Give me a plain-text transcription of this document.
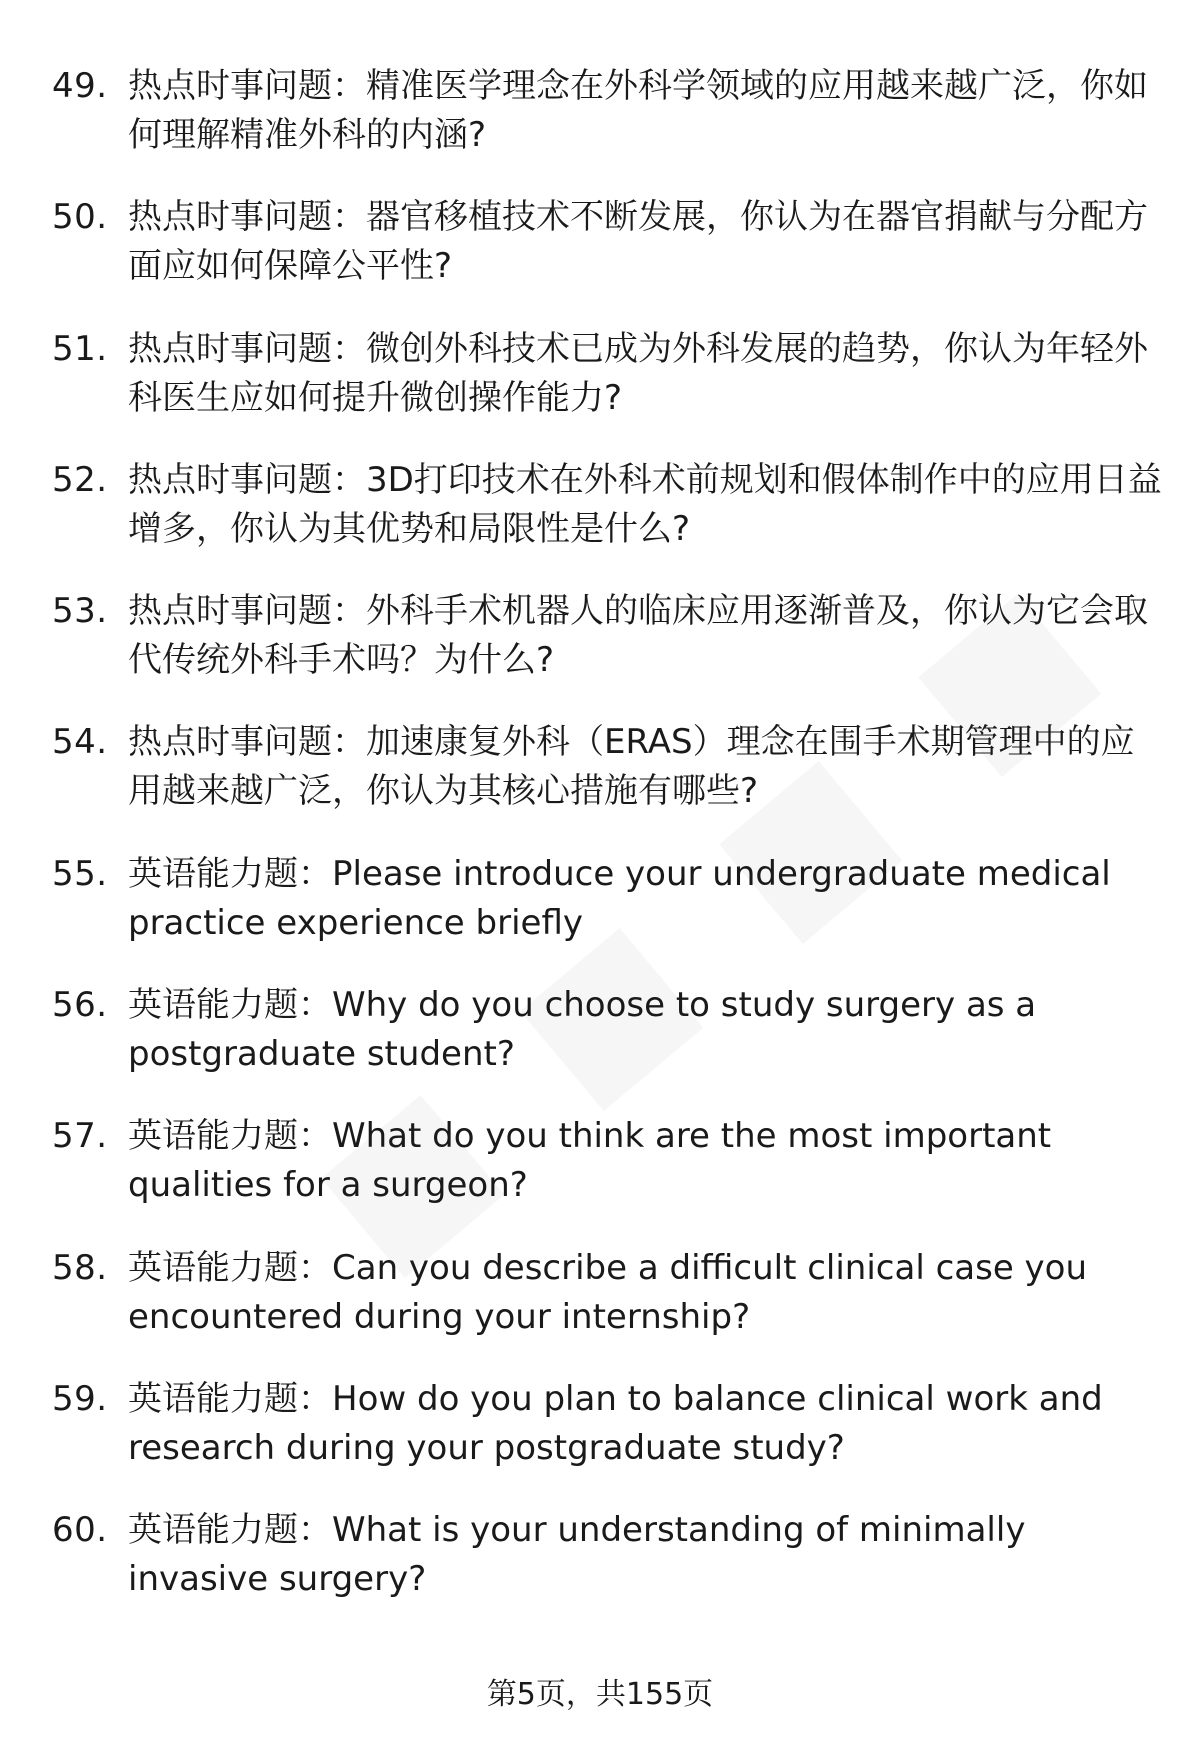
49. 热点时事问题：精准医学理念在外科学领域的应用越来越广泛，你如何理解精准外科的内涵?
50. 热点时事问题：器官移植技术不断发展，你认为在器官捐献与分配方面应如何保障公平性?
51. 热点时事问题：微创外科技术已成为外科发展的趋势，你认为年轻外科医生应如何提升微创操作能力?
52. 热点时事问题：3D打印技术在外科术前规划和假体制作中的应用日益增多，你认为其优势和局限性是什么?
53. 热点时事问题：外科手术机器人的临床应用逐渐普及，你认为它会取代传统外科手术吗？为什么?
54. 热点时事问题：加速康复外科（ERAS）理念在围手术期管理中的应用越来越广泛，你认为其核心措施有哪些?
55. 英语能力题：Please introduce your undergraduate medical practice experience briefly
56. 英语能力题：Why do you choose to study surgery as a postgraduate student?
57. 英语能力题：What do you think are the most important qualities for a surgeon?
58. 英语能力题：Can you describe a difficult clinical case you encountered during your internship?
59. 英语能力题：How do you plan to balance clinical work and research during your postgraduate study?
60. 英语能力题：What is your understanding of minimally invasive surgery?
第5页，共155页
